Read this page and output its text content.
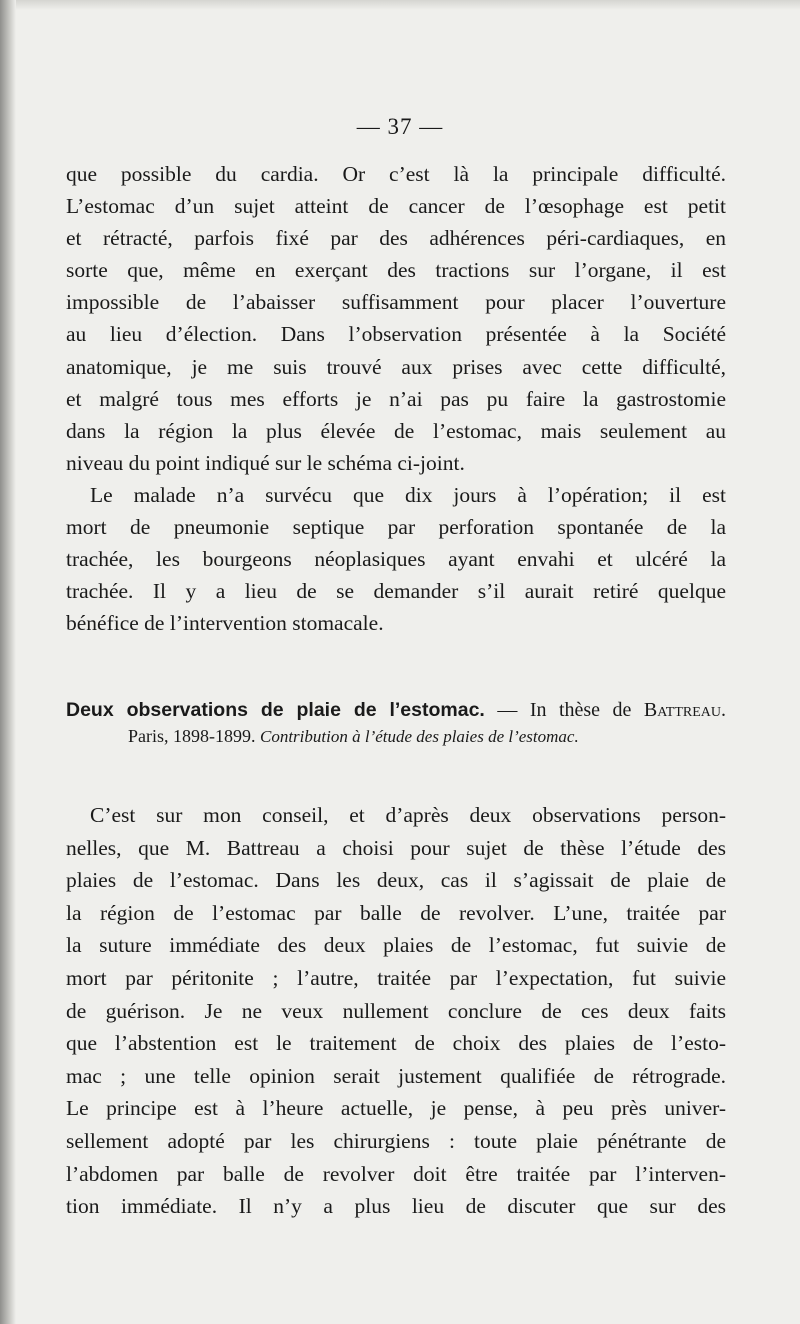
— 37 —
que possible du cardia. Or c’est là la principale difficulté.
L’estomac d’un sujet atteint de cancer de l’œsophage est petit
et rétracté, parfois fixé par des adhérences péri-cardiaques, en
sorte que, même en exerçant des tractions sur l’organe, il est
impossible de l’abaisser suffisamment pour placer l’ouverture
au lieu d’élection. Dans l’observation présentée à la Société
anatomique, je me suis trouvé aux prises avec cette difficulté,
et malgré tous mes efforts je n’ai pas pu faire la gastrostomie
dans la région la plus élevée de l’estomac, mais seulement au
niveau du point indiqué sur le schéma ci-joint.
Le malade n’a survécu que dix jours à l’opération; il est
mort de pneumonie septique par perforation spontanée de la
trachée, les bourgeons néoplasiques ayant envahi et ulcéré la
trachée. Il y a lieu de se demander s’il aurait retiré quelque
bénéfice de l’intervention stomacale.
Deux observations de plaie de l’estomac. — In thèse de Battreau.
Paris, 1898-1899. Contribution à l’étude des plaies de l’estomac.
C’est sur mon conseil, et d’après deux observations person-
nelles, que M. Battreau a choisi pour sujet de thèse l’étude des
plaies de l’estomac. Dans les deux, cas il s’agissait de plaie de
la région de l’estomac par balle de revolver. L’une, traitée par
la suture immédiate des deux plaies de l’estomac, fut suivie de
mort par péritonite ; l’autre, traitée par l’expectation, fut suivie
de guérison. Je ne veux nullement conclure de ces deux faits
que l’abstention est le traitement de choix des plaies de l’esto-
mac ; une telle opinion serait justement qualifiée de rétrograde.
Le principe est à l’heure actuelle, je pense, à peu près univer-
sellement adopté par les chirurgiens : toute plaie pénétrante de
l’abdomen par balle de revolver doit être traitée par l’interven-
tion immédiate. Il n’y a plus lieu de discuter que sur des
